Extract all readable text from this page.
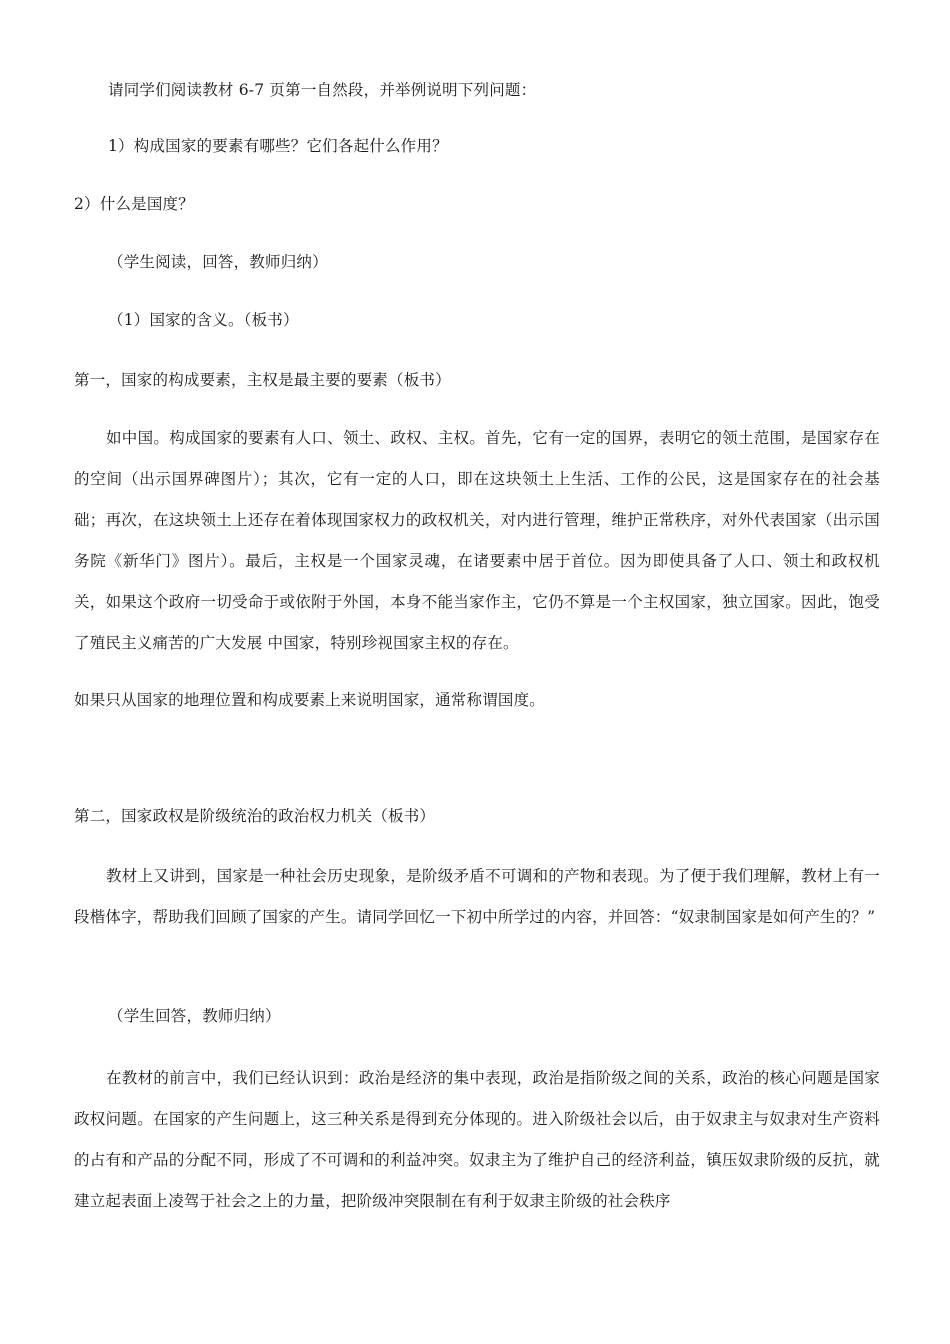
请同学们阅读教材 6-7 页第一自然段，并举例说明下列问题：
1）构成国家的要素有哪些？它们各起什么作用？
2）什么是国度？
（学生阅读，回答，教师归纳）
（1）国家的含义。（板书）
第一，国家的构成要素，主权是最主要的要素（板书）
如中国。构成国家的要素有人口、领土、政权、主权。首先，它有一定的国界，表明它的领土范围，是国家存在的空间（出示国界碑图片）；其次，它有一定的人口，即在这块领土上生活、工作的公民，这是国家存在的社会基础；再次，在这块领土上还存在着体现国家权力的政权机关，对内进行管理，维护正常秩序，对外代表国家（出示国务院《新华门》图片）。最后，主权是一个国家灵魂，在诸要素中居于首位。因为即使具备了人口、领土和政权机关，如果这个政府一切受命于或依附于外国，本身不能当家作主，它仍不算是一个主权国家，独立国家。因此，饱受了殖民主义痛苦的广大发展 中国家，特别珍视国家主权的存在。
如果只从国家的地理位置和构成要素上来说明国家，通常称谓国度。
第二，国家政权是阶级统治的政治权力机关（板书）
教材上又讲到，国家是一种社会历史现象，是阶级矛盾不可调和的产物和表现。为了便于我们理解，教材上有一段楷体字，帮助我们回顾了国家的产生。请同学回忆一下初中所学过的内容，并回答：“奴隶制国家是如何产生的？”
（学生回答，教师归纳）
在教材的前言中，我们已经认识到：政治是经济的集中表现，政治是指阶级之间的关系，政治的核心问题是国家政权问题。在国家的产生问题上，这三种关系是得到充分体现的。进入阶级社会以后，由于奴隶主与奴隶对生产资料的占有和产品的分配不同，形成了不可调和的利益冲突。奴隶主为了维护自己的经济利益，镇压奴隶阶级的反抗，就建立起表面上凌驾于社会之上的力量，把阶级冲突限制在有利于奴隶主阶级的社会秩序
